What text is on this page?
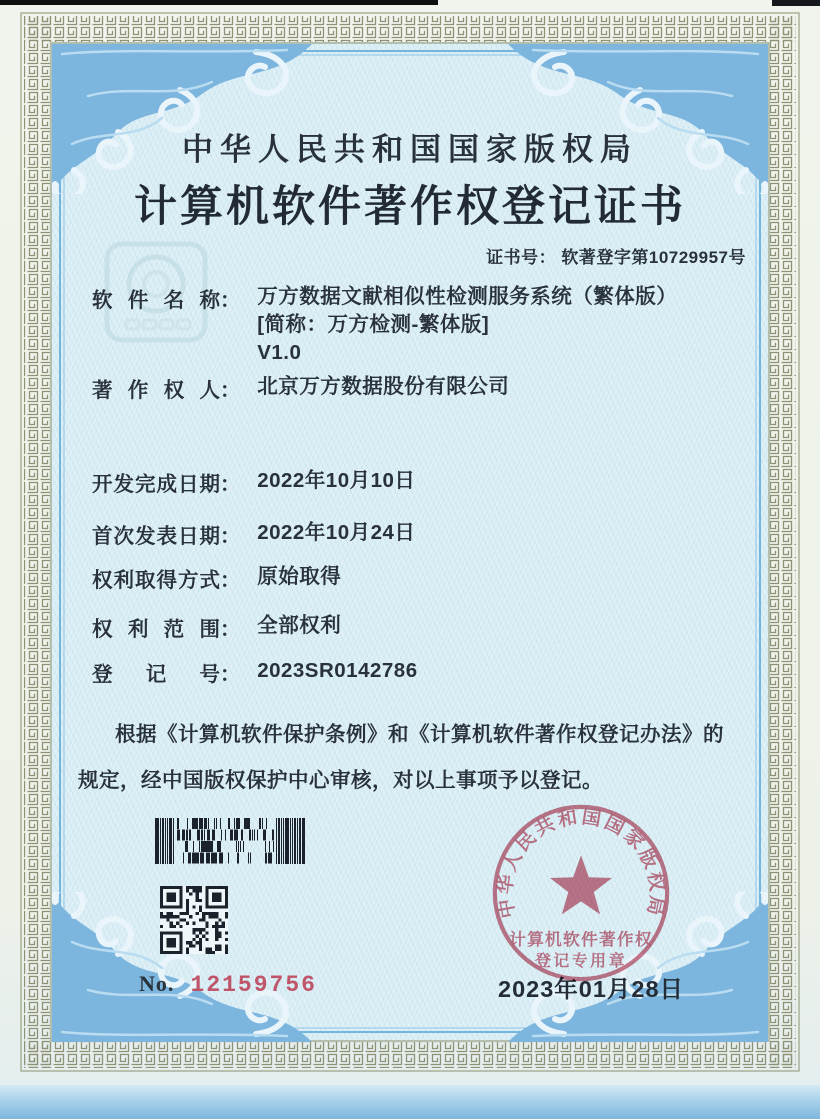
中华人民共和国国家版权局
计算机软件著作权登记证书
证书号： 软著登字第10729957号
软件名称： 万方数据文献相似性检测服务系统（繁体版）
[简称：万方检测-繁体版]
V1.0
著作权人： 北京万方数据股份有限公司
开发完成日期： 2022年10月10日
首次发表日期： 2022年10月24日
权利取得方式： 原始取得
权利范围： 全部权利
登记号： 2023SR0142786
根据《计算机软件保护条例》和《计算机软件著作权登记办法》的
规定，经中国版权保护中心审核，对以上事项予以登记。
No. 12159756	2023年01月28日
中华人民共和国国家版权局
计算机软件著作权
登记专用章
